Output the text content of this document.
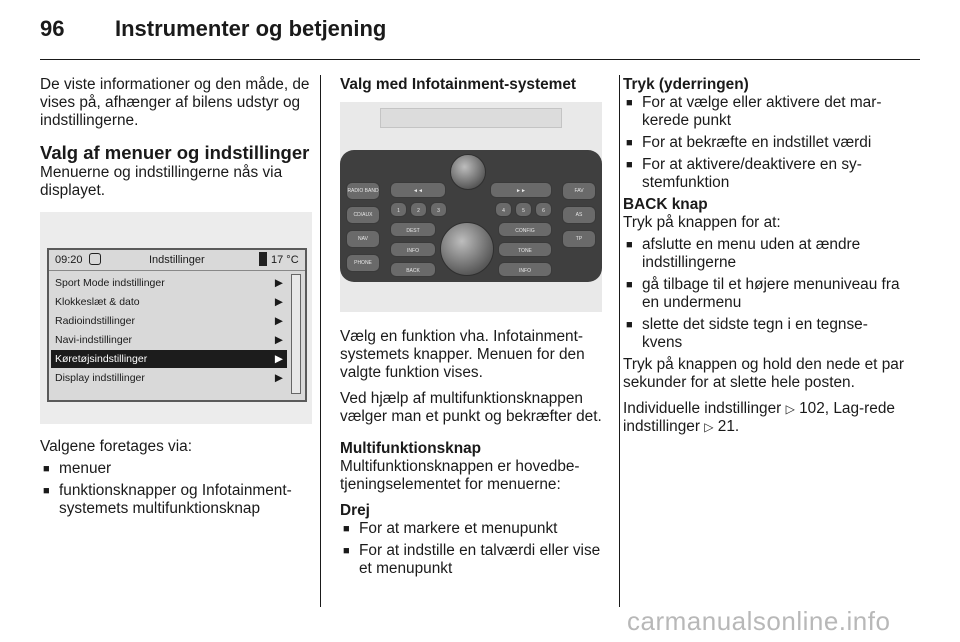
96 Instrumenter og betjening

De viste informationer og den måde, de vises på, afhænger af bilens udstyr og indstillingerne.

Valg af menuer og indstillinger

Menuerne og indstillingerne nås via displayet.

09:20	Indstillinger	17 °C
Sport Mode indstillinger	▶
Klokkeslæt & dato	▶
Radioindstillinger	▶
Navi-indstillinger	▶
Køretøjsindstillinger	▶
Display indstillinger	▶

Valgene foretages via:

■ menuer
■ funktionsknapper og Infotainment-systemets multifunktionsknap
Valg med Infotainment-systemet
RADIO BAND
CD/AUX
NAV
PHONE
FAV
AS
TP
◄◄	►►
1	2	3	4	5	6
DEST
INFO
CONFIG
TONE
BACK	INFO

Vælg en funktion vha. Infotainment-systemets knapper. Menuen for den valgte funktion vises.

Ved hjælp af multifunktionsknappen vælger man et punkt og bekræfter det.

Multifunktionsknap

Multifunktionsknappen er hovedbe-tjeningselementet for menuerne:

Drej
■ For at markere et menupunkt
■ For at indstille en talværdi eller vise et menupunkt
Tryk (yderringen)
■ For at vælge eller aktivere det mar-kerede punkt
■ For at bekræfte en indstillet værdi
■ For at aktivere/deaktivere en sy-stemfunktion
BACK knap

Tryk på knappen for at:

■ afslutte en menu uden at ændre indstillingerne
■ gå tilbage til et højere menuniveau fra en undermenu
■ slette det sidste tegn i en tegnse-kvens

Tryk på knappen og hold den nede et par sekunder for at slette hele posten.

Individuelle indstillinger ▷ 102, Lag-rede indstillinger ▷ 21.

carmanualsonline.info
